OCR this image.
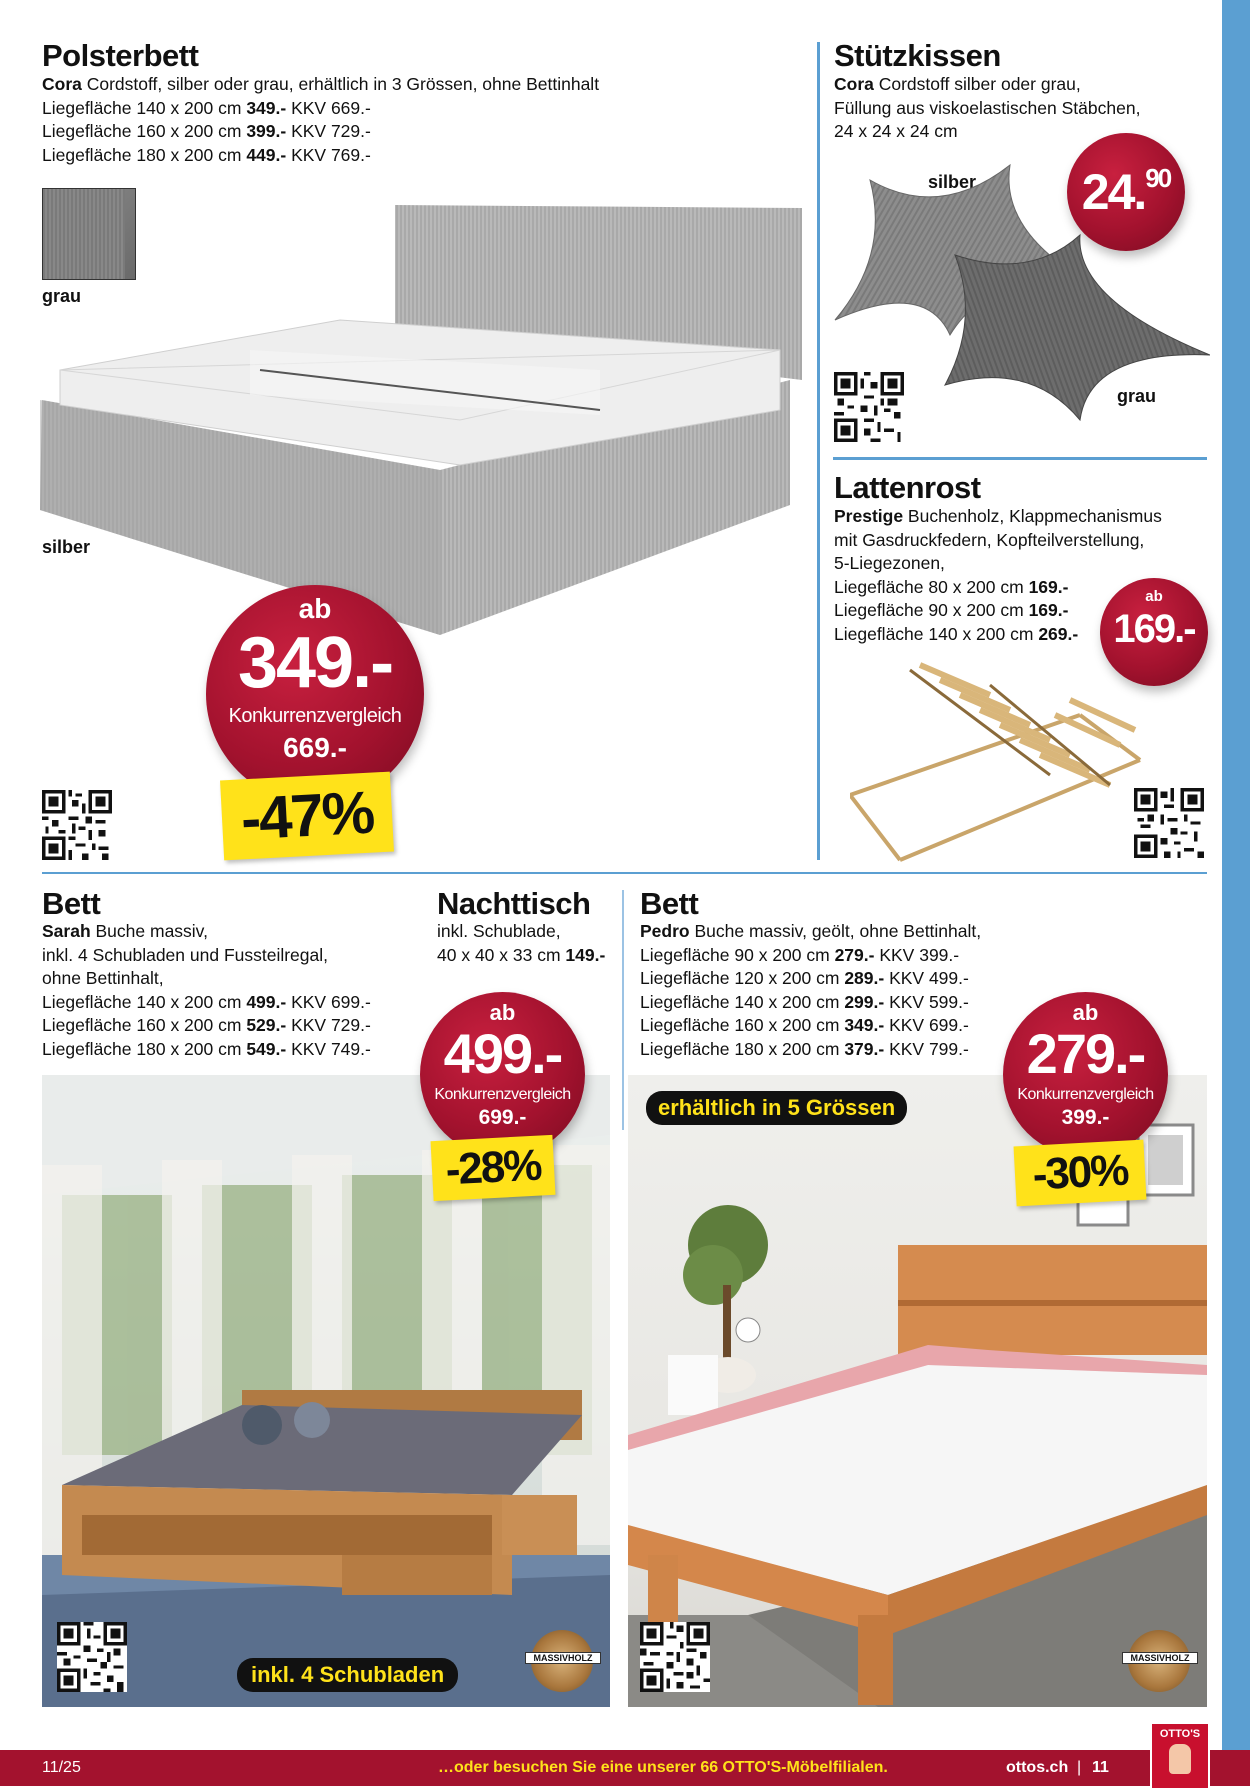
Polsterbett
Cora Cordstoff, silber oder grau, erhältlich in 3 Grössen, ohne Bettinhalt
Liegefläche 140 x 200 cm 349.- KKV 669.-
Liegefläche 160 x 200 cm 399.- KKV 729.-
Liegefläche 180 x 200 cm 449.- KKV 769.-
grau
silber
ab
349.-
Konkurrenzvergleich
669.-
-47%
Stützkissen
Cora Cordstoff silber oder grau,
Füllung aus viskoelastischen Stäbchen,
24 x 24 x 24 cm
silber
grau
24.90
Lattenrost
Prestige Buchenholz, Klappmechanismus
mit Gasdruckfedern, Kopfteilverstellung,
5-Liegezonen,
Liegefläche 80 x 200 cm 169.-
Liegefläche 90 x 200 cm 169.-
Liegefläche 140 x 200 cm 269.-
ab
169.-
Bett
Sarah Buche massiv,
inkl. 4 Schubladen und Fussteilregal,
ohne Bettinhalt,
Liegefläche 140 x 200 cm 499.- KKV 699.-
Liegefläche 160 x 200 cm 529.- KKV 729.-
Liegefläche 180 x 200 cm 549.- KKV 749.-
Nachttisch
inkl. Schublade,
40 x 40 x 33 cm 149.-
Bett
Pedro Buche massiv, geölt, ohne Bettinhalt,
Liegefläche 90 x 200 cm 279.- KKV 399.-
Liegefläche 120 x 200 cm 289.- KKV 499.-
Liegefläche 140 x 200 cm 299.- KKV 599.-
Liegefläche 160 x 200 cm 349.- KKV 699.-
Liegefläche 180 x 200 cm 379.- KKV 799.-
inkl. 4 Schubladen
erhältlich in 5 Grössen
ab
499.-
Konkurrenzvergleich
699.-
-28%
ab
279.-
Konkurrenzvergleich
399.-
-30%
MASSIVHOLZ	MASSIVHOLZ
11/25	…oder besuchen Sie eine unserer 66 OTTO'S-Möbelfilialen.	ottos.ch | 11
OTTO'S
